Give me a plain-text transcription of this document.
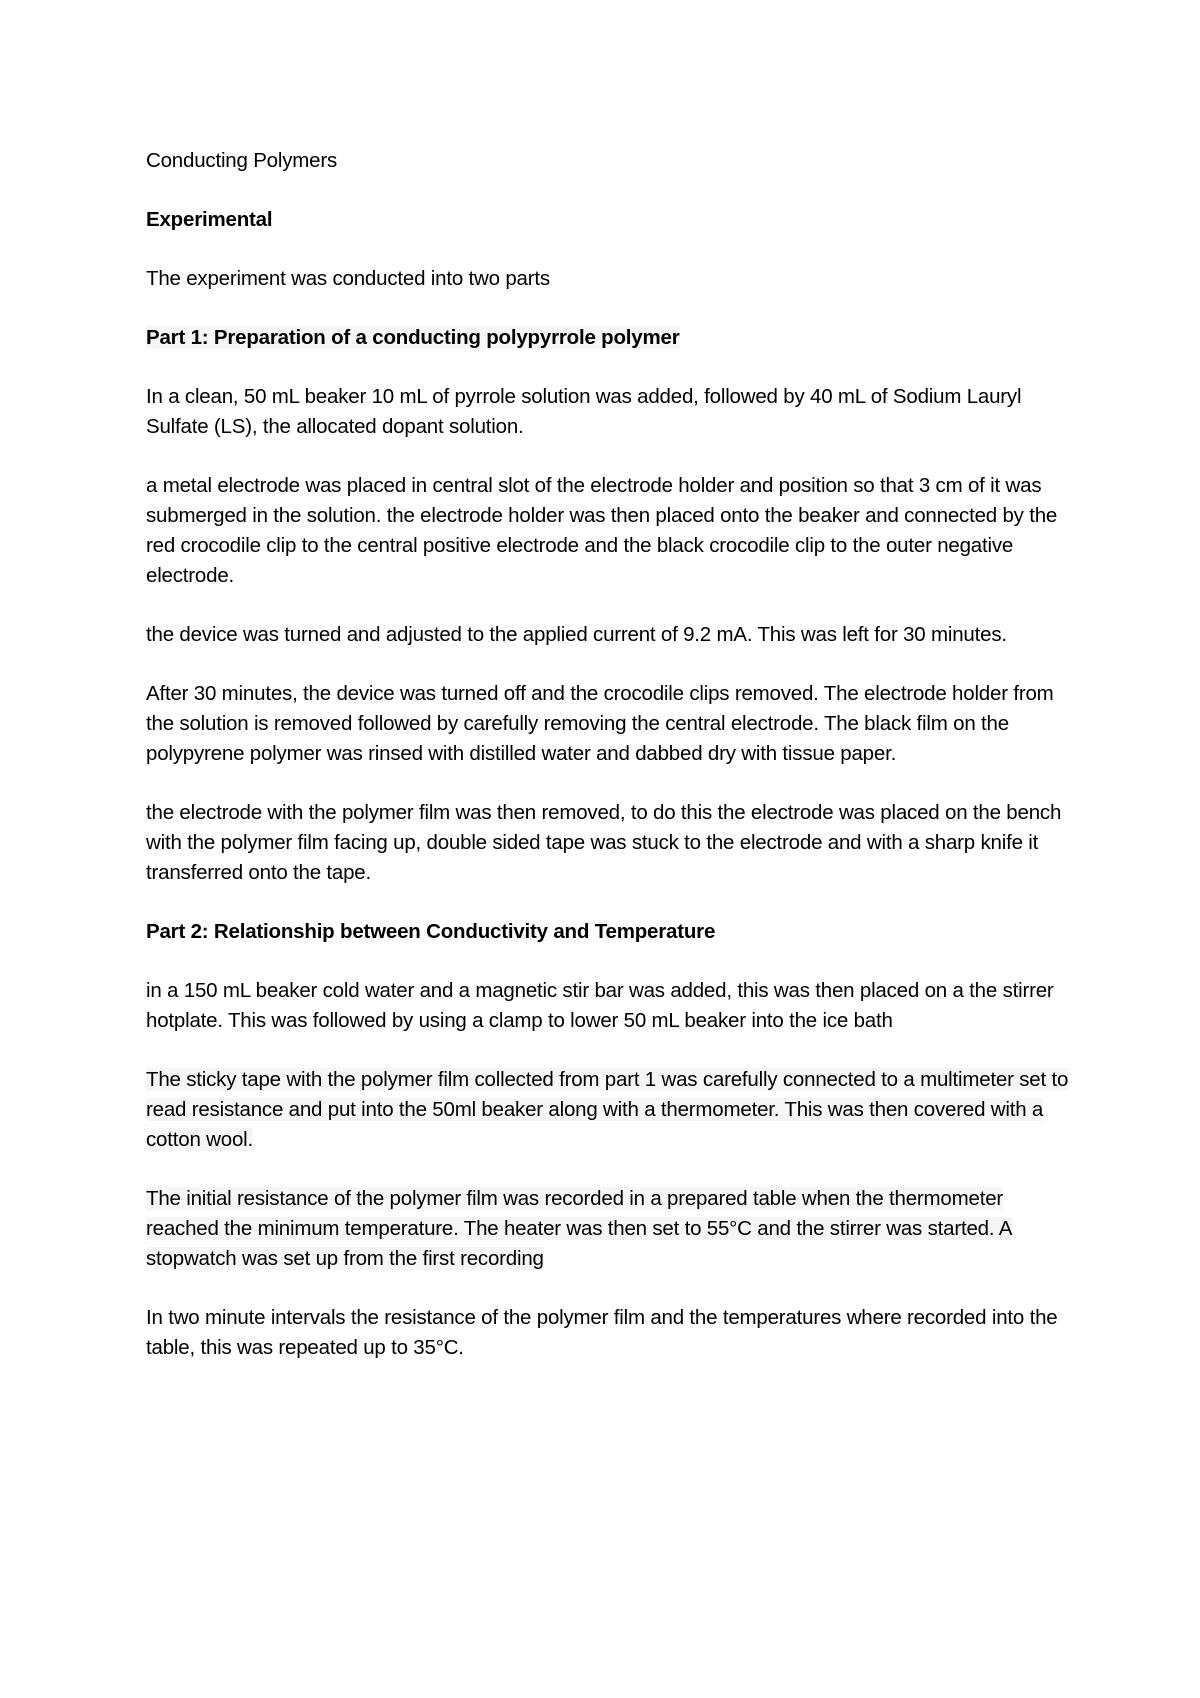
Conducting Polymers

Experimental

The experiment was conducted into two parts

Part 1: Preparation of a conducting polypyrrole polymer

In a clean, 50 mL beaker 10 mL of pyrrole solution was added, followed by 40 mL of Sodium Lauryl Sulfate (LS), the allocated dopant solution.

a metal electrode was placed in central slot of the electrode holder and position so that 3 cm of it was submerged in the solution. the electrode holder was then placed onto the beaker and connected by the red crocodile clip to the central positive electrode and the black crocodile clip to the outer negative electrode.

the device was turned and adjusted to the applied current of 9.2 mA. This was left for 30 minutes.

After 30 minutes, the device was turned off and the crocodile clips removed. The electrode holder from the solution is removed followed by carefully removing the central electrode. The black film on the polypyrene polymer was rinsed with distilled water and dabbed dry with tissue paper.

the electrode with the polymer film was then removed, to do this the electrode was placed on the bench with the polymer film facing up, double sided tape was stuck to the electrode and with a sharp knife it transferred onto the tape.

Part 2: Relationship between Conductivity and Temperature

in a 150 mL beaker cold water and a magnetic stir bar was added, this was then placed on a the stirrer hotplate. This was followed by using a clamp to lower 50 mL beaker into the ice bath

The sticky tape with the polymer film collected from part 1 was carefully connected to a multimeter set to read resistance and put into the 50ml beaker along with a thermometer. This was then covered with a cotton wool.

The initial resistance of the polymer film was recorded in a prepared table when the thermometer reached the minimum temperature. The heater was then set to 55°C and the stirrer was started. A stopwatch was set up from the first recording

In two minute intervals the resistance of the polymer film and the temperatures where recorded into the table, this was repeated up to 35°C.
